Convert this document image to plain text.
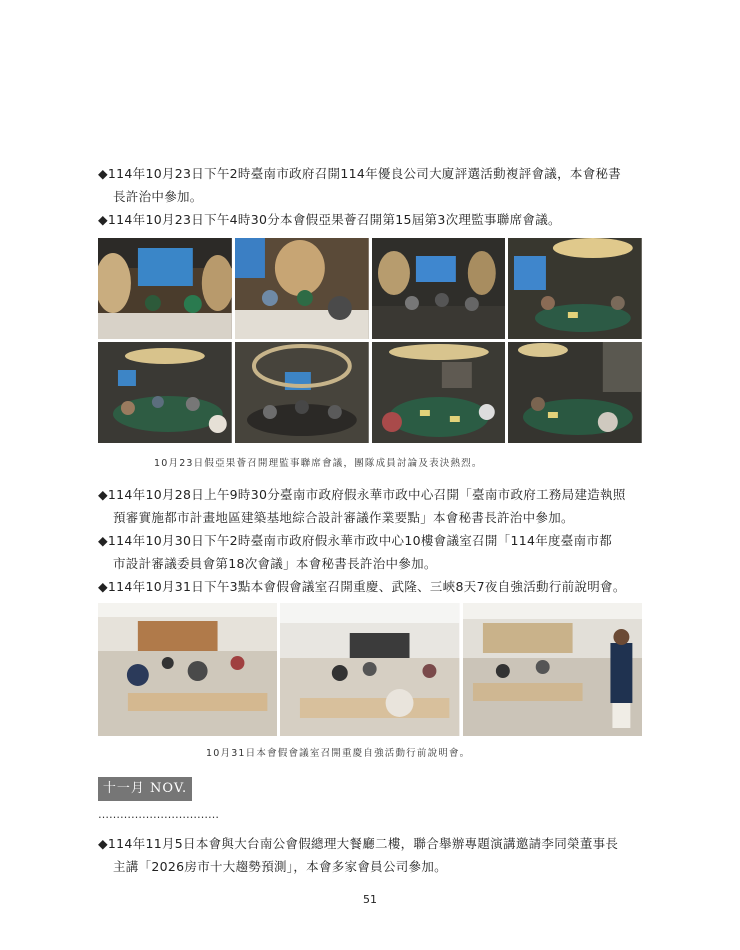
◆114年10月23日下午2時臺南市政府召開114年優良公司大廈評選活動複評會議，本會秘書
長許治中參加。
◆114年10月23日下午4時30分本會假亞果薈召開第15屆第3次理監事聯席會議。
10月23日假亞果薈召開理監事聯席會議，團隊成員討論及表決熱烈。
◆114年10月28日上午9時30分臺南市政府假永華市政中心召開「臺南市政府工務局建造執照
預審實施都市計畫地區建築基地綜合設計審議作業要點」本會秘書長許治中參加。
◆114年10月30日下午2時臺南市政府假永華市政中心10樓會議室召開「114年度臺南市都
市設計審議委員會第18次會議」本會秘書長許治中參加。
◆114年10月31日下午3點本會假會議室召開重慶、武隆、三峽8天7夜自強活動行前說明會。
10月31日本會假會議室召開重慶自強活動行前說明會。
十一月 NOV.
……………………………
◆114年11月5日本會與大台南公會假總理大餐廳二樓，聯合舉辦專題演講邀請李同榮董事長
主講「2026房市十大趨勢預測」，本會多家會員公司參加。
51
